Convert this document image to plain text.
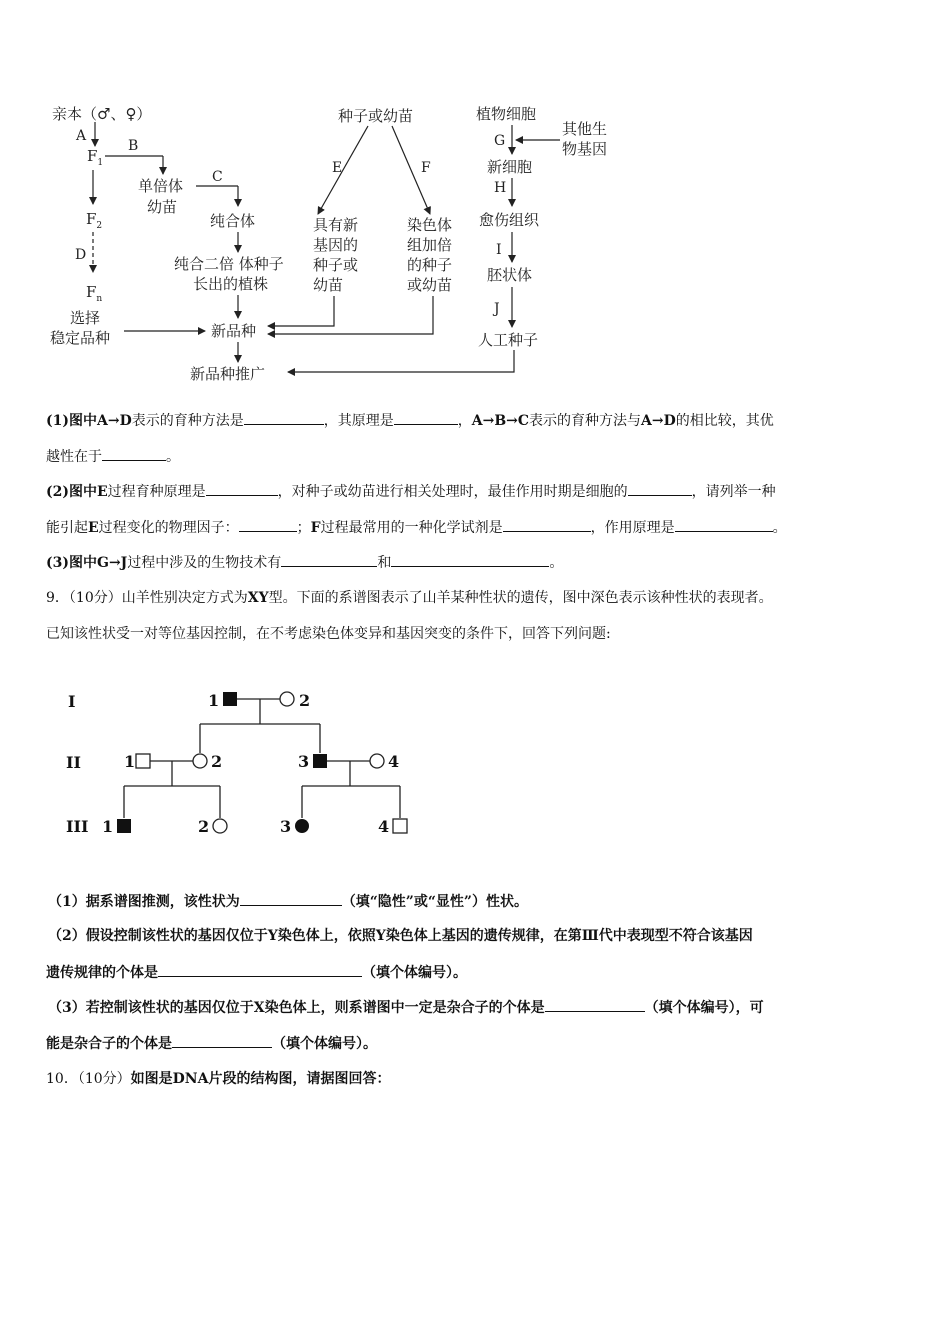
亲本（♂、♀）
A
$F_1$
B
$F_2$
D
$F_n$
选择
稳定品种
单倍体
幼苗
C
纯合体
纯合二倍 体种子
长出的植株
新品种
新品种推广
种子或幼苗
E	F
具有新
基因的
种子或
幼苗
染色体
组加倍
的种子
或幼苗
植物细胞
G
其他生
物基因
新细胞
H
愈伤组织
I
胚状体
J
人工种子
(1)图中A→D表示的育种方法是	，其原理是	，A→B→C表示的育种方法与A→D的相比较，其优
越性在于	。
(2)图中E过程育种原理是	，对种子或幼苗进行相关处理时，最佳作用时期是细胞的	，请列举一种
能引起E过程变化的物理因子：	；F过程最常用的一种化学试剂是	，作用原理是	。
(3)图中G→J过程中涉及的生物技术有	和	。
9．（10分）山羊性别决定方式为XY型。下面的系谱图表示了山羊某种性状的遗传，图中深色表示该种性状的表现者。
已知该性状受一对等位基因控制，在不考虑染色体变异和基因突变的条件下，回答下列问题:
I
II
III
1	2
1	2	3	4
1	2	3	4
（1）据系谱图推测，该性状为	（填“隐性”或“显性”）性状。
（2）假设控制该性状的基因仅位于Y染色体上，依照Y染色体上基因的遗传规律，在第Ⅲ代中表现型不符合该基因
遗传规律的个体是	（填个体编号）。
（3）若控制该性状的基因仅位于X染色体上，则系谱图中一定是杂合子的个体是	（填个体编号），可
能是杂合子的个体是	（填个体编号）。
10．（10分）如图是DNA片段的结构图，请据图回答：
